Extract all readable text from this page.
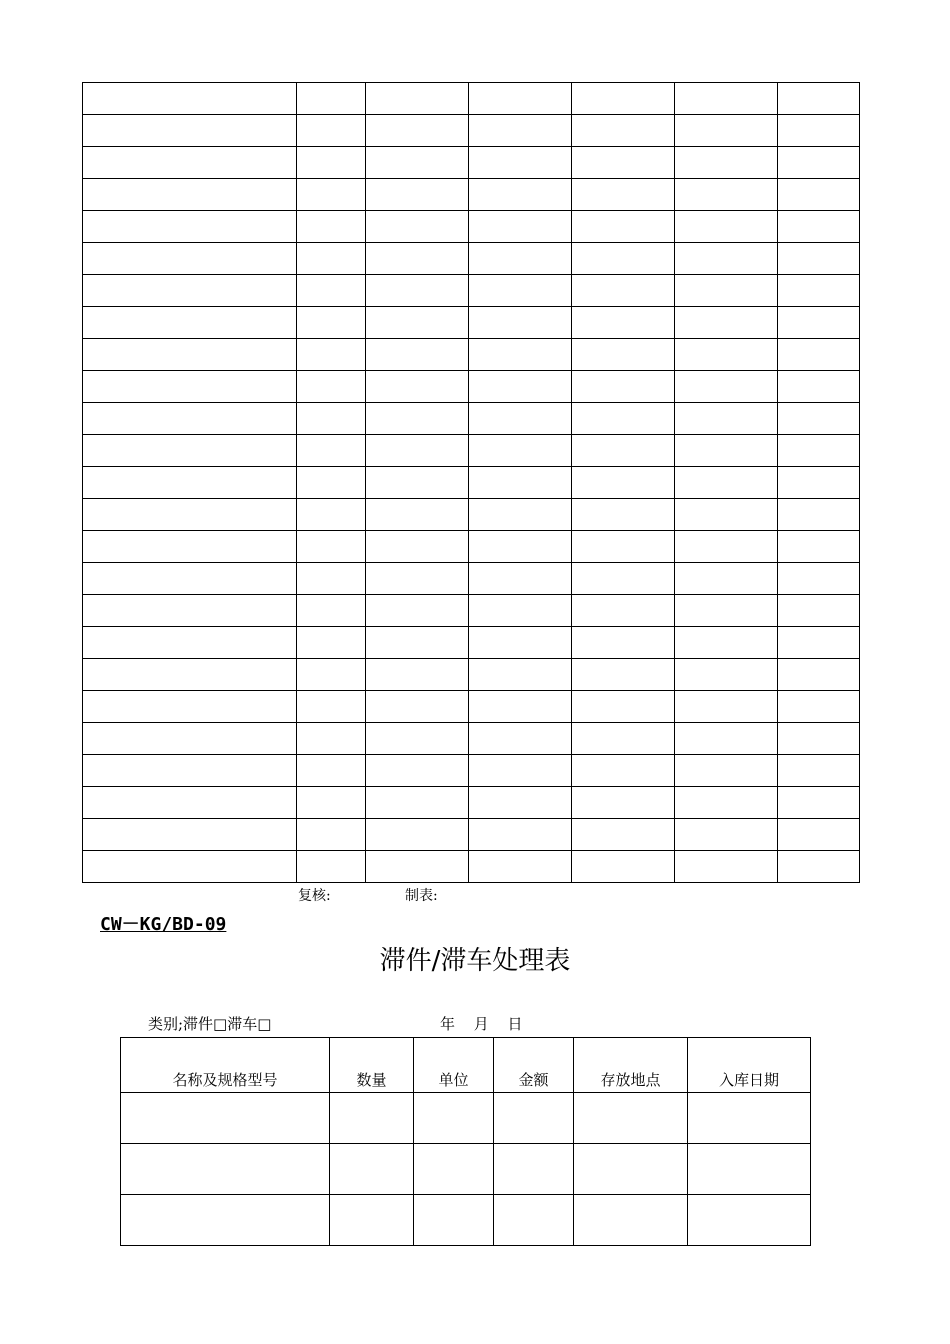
复核:	制表:
CW－KG/BD-09
滞件/滞车处理表
类别;滞件□滞车□	年 月 日
名称及规格型号	数量	单位	金额	存放地点	入库日期
